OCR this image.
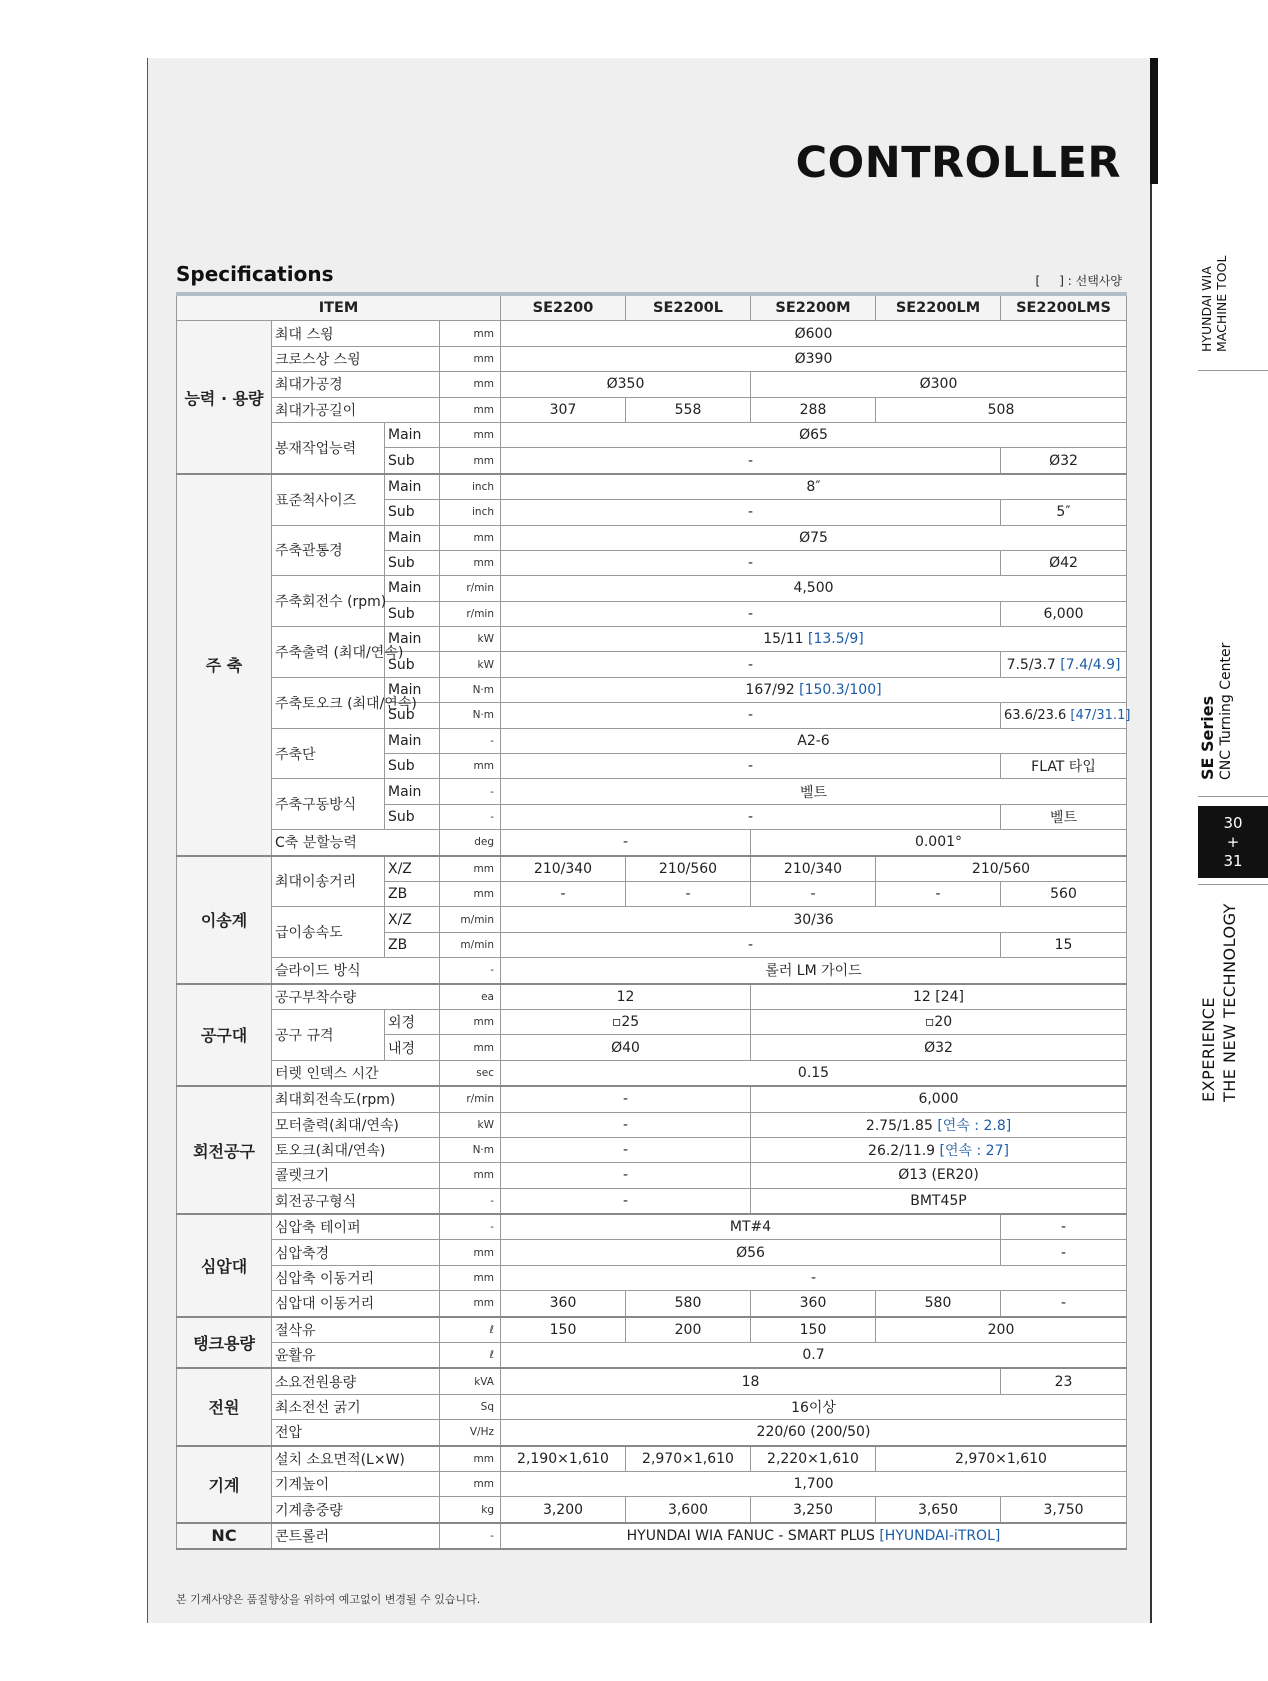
CONTROLLER
Specifications	[     ] : 선택사양
ITEM				SE2200	SE2200L	SE2200M	SE2200LM	SE2200LMS
능력 · 용량	최대 스윙		mm	Ø600				
	크로스상 스윙		mm	Ø390				
	최대가공경		mm	Ø350		Ø300		
	최대가공길이		mm	307	558	288	508	
	봉재작업능력	Main	mm	Ø65				
		Sub	mm	-				Ø32
주 축	표준척사이즈	Main	inch	8″				
		Sub	inch	-				5″
	주축관통경	Main	mm	Ø75				
		Sub	mm	-				Ø42
	주축회전수 (rpm)	Main	r/min	4,500				
		Sub	r/min	-				6,000
	주축출력 (최대/연속)	Main	kW	15/11 [13.5/9]				
		Sub	kW	-				7.5/3.7 [7.4/4.9]
	주축토오크 (최대/연속)	Main	N·m	167/92 [150.3/100]				
		Sub	N·m	-				63.6/23.6 [47/31.1]
	주축단	Main	-	A2-6				
		Sub	mm	-				FLAT 타입
	주축구동방식	Main	-	벨트				
		Sub	-	-				벨트
	C축 분할능력		deg	-		0.001°		
이송계	최대이송거리	X/Z	mm	210/340	210/560	210/340	210/560	
		ZB	mm	-	-	-	-	560
	급이송속도	X/Z	m/min	30/36				
		ZB	m/min	-				15
	슬라이드 방식		-	롤러 LM 가이드				
공구대	공구부착수량		ea	12		12 [24]		
	공구 규격	외경	mm	▫25		▫20		
		내경	mm	Ø40		Ø32		
	터렛 인덱스 시간		sec	0.15				
회전공구	최대회전속도(rpm)		r/min	-		6,000		
	모터출력(최대/연속)		kW	-		2.75/1.85 [연속 : 2.8]		
	토오크(최대/연속)		N·m	-		26.2/11.9 [연속 : 27]		
	콜렛크기		mm	-		Ø13 (ER20)		
	회전공구형식		-	-		BMT45P		
심압대	심압축 테이퍼		-	MT#4				-
	심압축경		mm	Ø56				-
	심압축 이동거리		mm	-				
	심압대 이동거리		mm	360	580	360	580	-
탱크용량	절삭유		ℓ	150	200	150	200	
	윤활유		ℓ	0.7				
전원	소요전원용량		kVA	18				23
	최소전선 굵기		Sq	16이상				
	전압		V/Hz	220/60 (200/50)				
기계	설치 소요면적(L×W)		mm	2,190×1,610	2,970×1,610	2,220×1,610	2,970×1,610	
	기계높이		mm	1,700				
	기계총중량		kg	3,200	3,600	3,250	3,650	3,750
NC	콘트롤러		-	HYUNDAI WIA FANUC - SMART PLUS [HYUNDAI-iTROL]				
본 기계사양은 품질향상을 위하여 예고없이 변경될 수 있습니다.
HYUNDAI WIA MACHINE TOOL
SE Series CNC Turning Center
30
+
31
EXPERIENCE THE NEW TECHNOLOGY
